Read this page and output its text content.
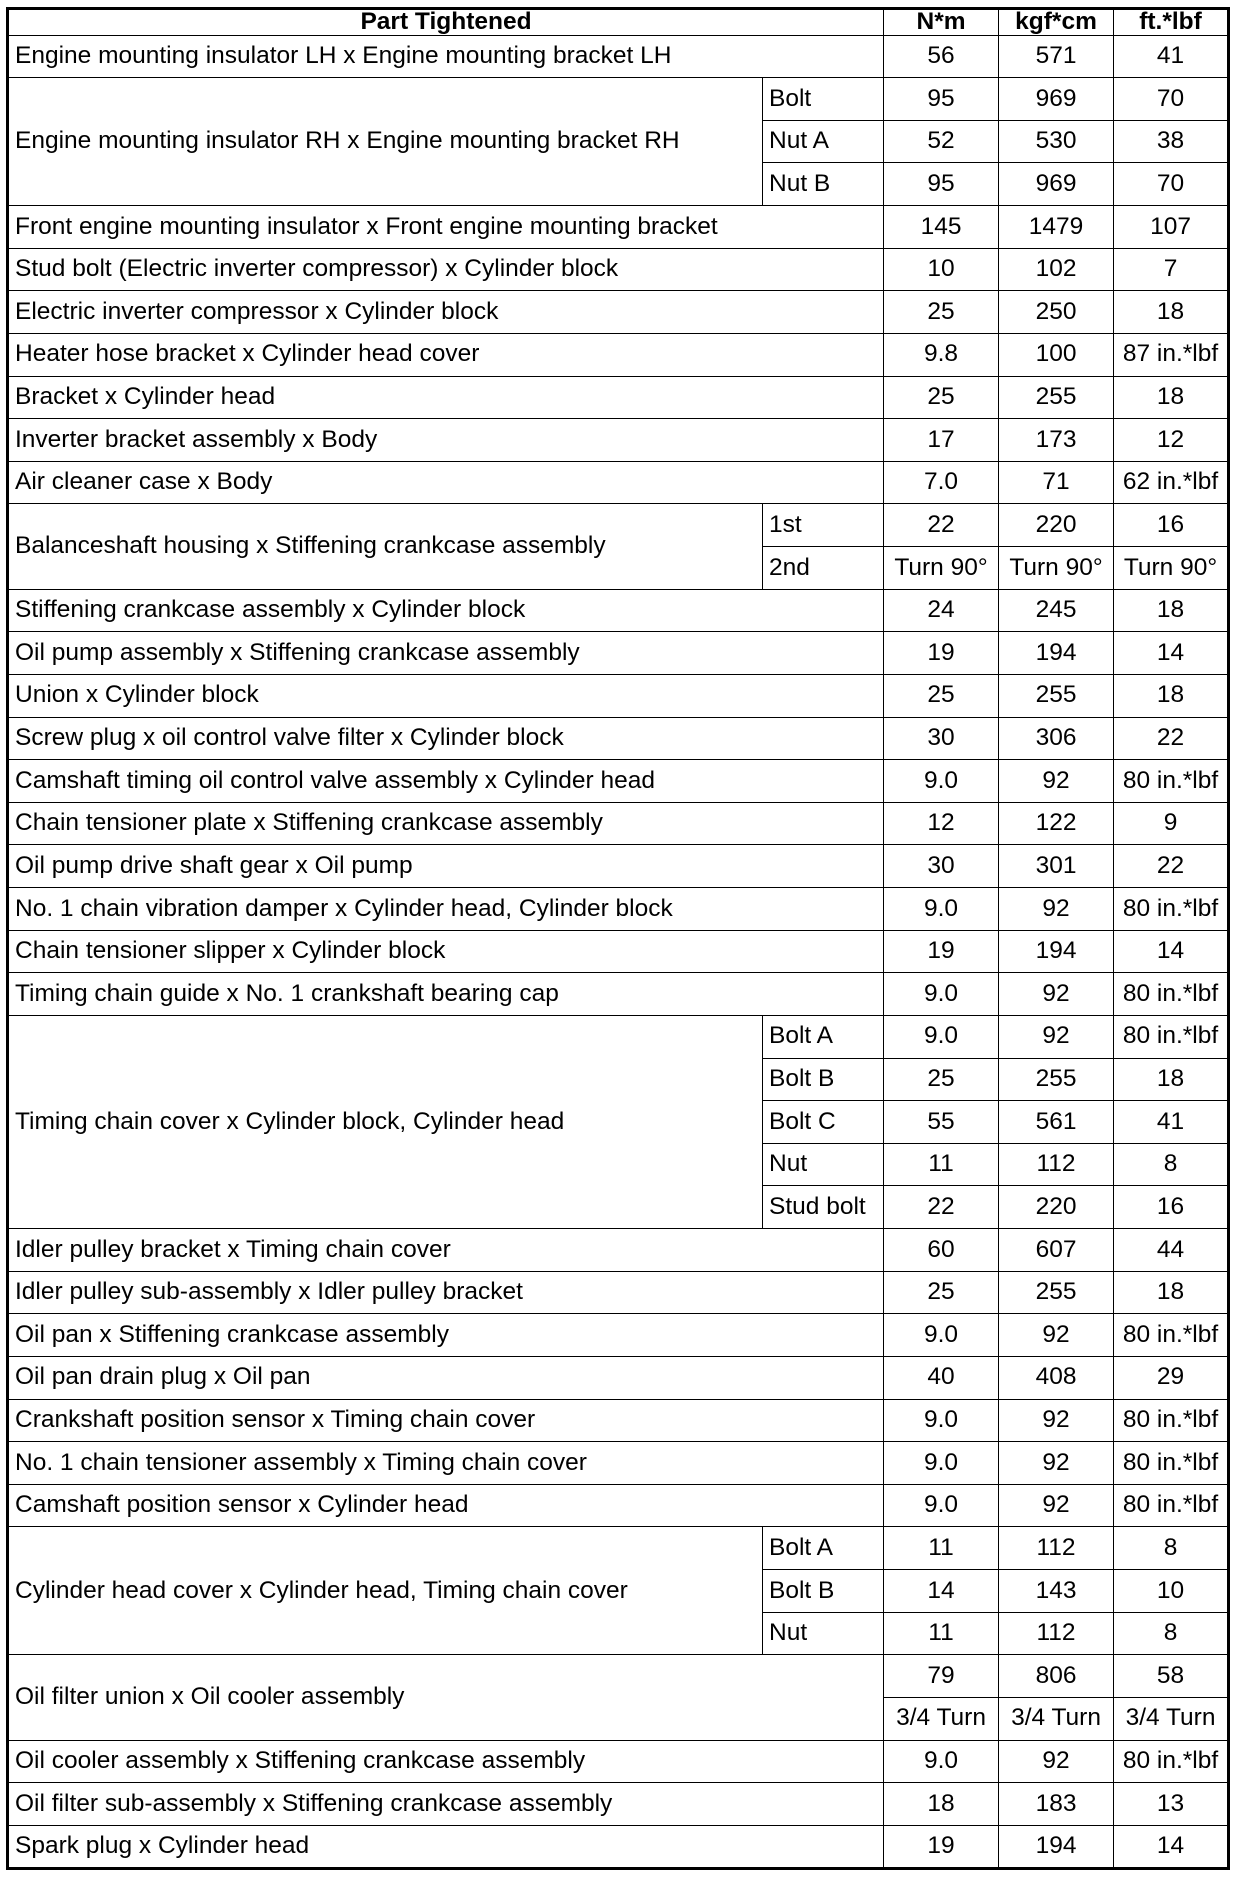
Part Tightened		N*m	kgf*cm	ft.*lbf
Engine mounting insulator LH x Engine mounting bracket LH		56	571	41
Engine mounting insulator RH x Engine mounting bracket RH	Bolt	95	969	70
	Nut A	52	530	38
	Nut B	95	969	70
Front engine mounting insulator x Front engine mounting bracket		145	1479	107
Stud bolt (Electric inverter compressor) x Cylinder block		10	102	7
Electric inverter compressor x Cylinder block		25	250	18
Heater hose bracket x Cylinder head cover		9.8	100	87 in.*lbf
Bracket x Cylinder head		25	255	18
Inverter bracket assembly x Body		17	173	12
Air cleaner case x Body		7.0	71	62 in.*lbf
Balanceshaft housing x Stiffening crankcase assembly	1st	22	220	16
	2nd	Turn 90°	Turn 90°	Turn 90°
Stiffening crankcase assembly x Cylinder block		24	245	18
Oil pump assembly x Stiffening crankcase assembly		19	194	14
Union x Cylinder block		25	255	18
Screw plug x oil control valve filter x Cylinder block		30	306	22
Camshaft timing oil control valve assembly x Cylinder head		9.0	92	80 in.*lbf
Chain tensioner plate x Stiffening crankcase assembly		12	122	9
Oil pump drive shaft gear x Oil pump		30	301	22
No. 1 chain vibration damper x Cylinder head, Cylinder block		9.0	92	80 in.*lbf
Chain tensioner slipper x Cylinder block		19	194	14
Timing chain guide x No. 1 crankshaft bearing cap		9.0	92	80 in.*lbf
Timing chain cover x Cylinder block, Cylinder head	Bolt A	9.0	92	80 in.*lbf
	Bolt B	25	255	18
	Bolt C	55	561	41
	Nut	11	112	8
	Stud bolt	22	220	16
Idler pulley bracket x Timing chain cover		60	607	44
Idler pulley sub-assembly x Idler pulley bracket		25	255	18
Oil pan x Stiffening crankcase assembly		9.0	92	80 in.*lbf
Oil pan drain plug x Oil pan		40	408	29
Crankshaft position sensor x Timing chain cover		9.0	92	80 in.*lbf
No. 1 chain tensioner assembly x Timing chain cover		9.0	92	80 in.*lbf
Camshaft position sensor x Cylinder head		9.0	92	80 in.*lbf
Cylinder head cover x Cylinder head, Timing chain cover	Bolt A	11	112	8
	Bolt B	14	143	10
	Nut	11	112	8
Oil filter union x Oil cooler assembly		79	806	58
		3/4 Turn	3/4 Turn	3/4 Turn
Oil cooler assembly x Stiffening crankcase assembly		9.0	92	80 in.*lbf
Oil filter sub-assembly x Stiffening crankcase assembly		18	183	13
Spark plug x Cylinder head		19	194	14
